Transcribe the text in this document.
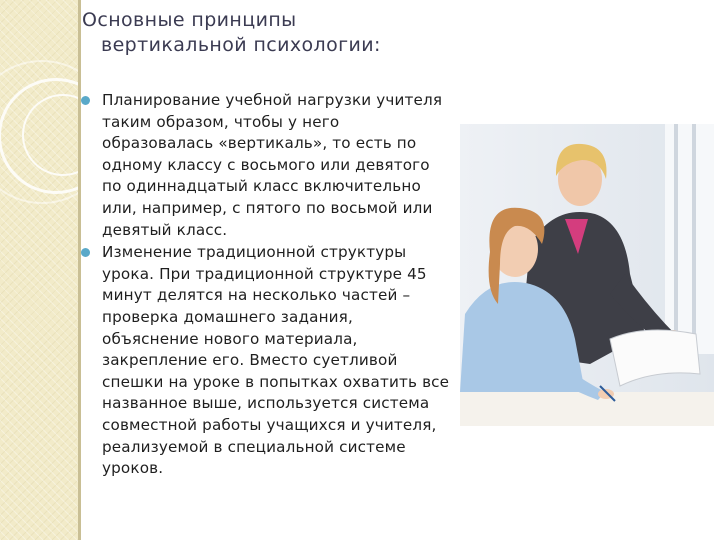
Основные принципы
вертикальной психологии:
Планирование учебной нагрузки учителя таким образом, чтобы у него образовалась «вертикаль», то есть по одному классу с восьмого или девятого по одиннадцатый класс включительно или, например, с пятого по восьмой или девятый класс.
Изменение традиционной структуры урока. При традиционной структуре 45 минут делятся на несколько частей – проверка домашнего задания, объяснение нового материала, закрепление его. Вместо суетливой спешки на уроке в попытках охватить все названное выше, используется система совместной работы учащихся и учителя, реализуемой в специальной системе уроков.
